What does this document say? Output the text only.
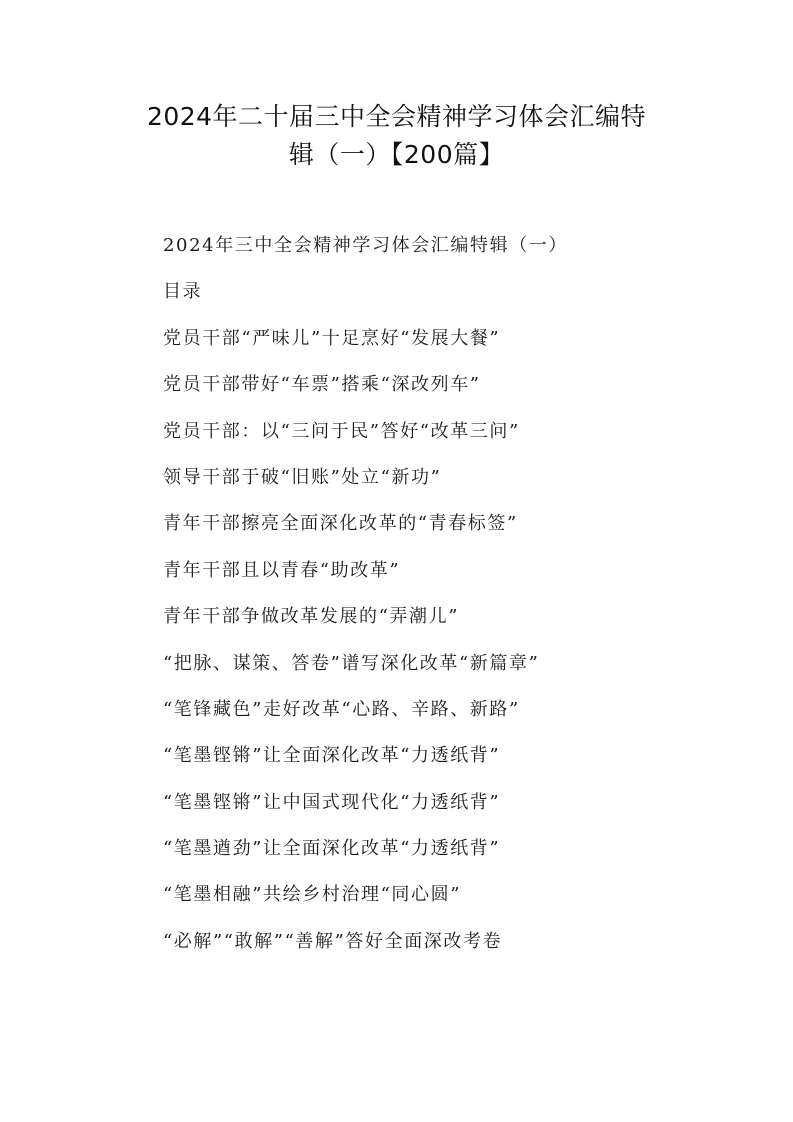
2024年二十届三中全会精神学习体会汇编特
辑（一）【200篇】
2024年三中全会精神学习体会汇编特辑（一）
目录
党员干部“严味儿”十足烹好“发展大餐”
党员干部带好“车票”搭乘“深改列车”
党员干部：以“三问于民”答好“改革三问”
领导干部于破“旧账”处立“新功”
青年干部擦亮全面深化改革的“青春标签”
青年干部且以青春“助改革”
青年干部争做改革发展的“弄潮儿”
“把脉、谋策、答卷”谱写深化改革“新篇章”
“笔锋藏色”走好改革“心路、辛路、新路”
“笔墨铿锵”让全面深化改革“力透纸背”
“笔墨铿锵”让中国式现代化“力透纸背”
“笔墨遒劲”让全面深化改革“力透纸背”
“笔墨相融”共绘乡村治理“同心圆”
“必解”“敢解”“善解”答好全面深改考卷
